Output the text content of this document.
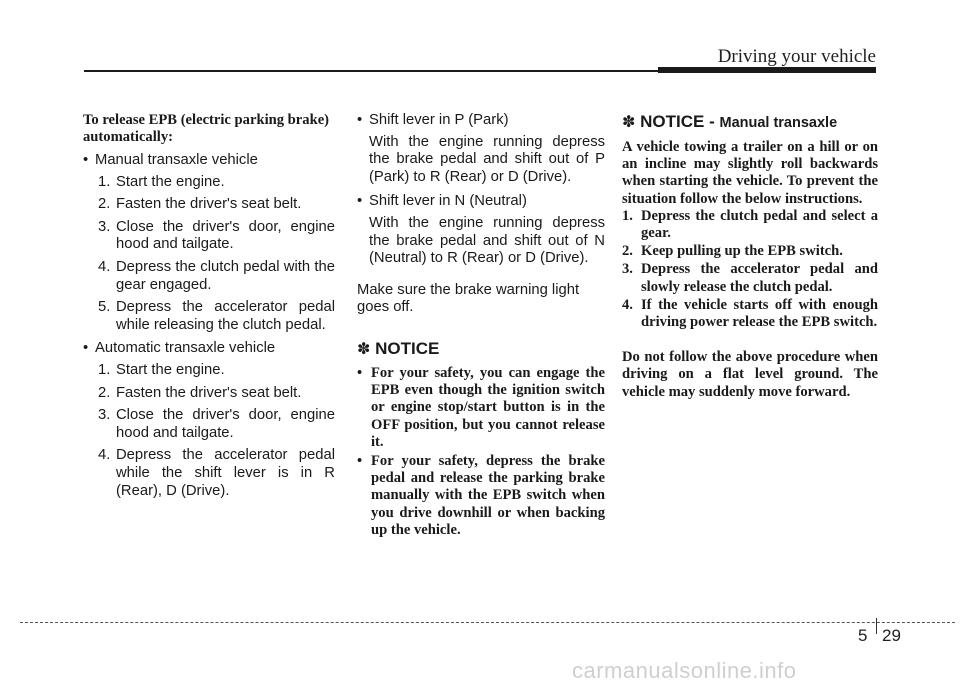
Driving your vehicle

To release EPB (electric parking brake) automatically:

• Manual transaxle vehicle
1. Start the engine.
2. Fasten the driver's seat belt.
3. Close the driver's door, engine hood and tailgate.
4. Depress the clutch pedal with the gear engaged.
5. Depress the accelerator pedal while releasing the clutch pedal.
• Automatic transaxle vehicle
1. Start the engine.
2. Fasten the driver's seat belt.
3. Close the driver's door, engine hood and tailgate.
4. Depress the accelerator pedal while the shift lever is in R (Rear), D (Drive).
• Shift lever in P (Park)

With the engine running depress the brake pedal and shift out of P (Park) to R (Rear) or D (Drive).

• Shift lever in N (Neutral)

With the engine running depress the brake pedal and shift out of N (Neutral) to R (Rear) or D (Drive).

Make sure the brake warning light goes off.

✽ NOTICE
• For your safety, you can engage the EPB even though the ignition switch or engine stop/start button is in the OFF position, but you cannot release it.
• For your safety, depress the brake pedal and release the parking brake manually with the EPB switch when you drive downhill or when backing up the vehicle.
✽ NOTICE - Manual transaxle

A vehicle towing a trailer on a hill or on an incline may slightly roll backwards when starting the vehicle. To prevent the situation follow the below instructions.

1. Depress the clutch pedal and select a gear.
2. Keep pulling up the EPB switch.
3. Depress the accelerator pedal and slowly release the clutch pedal.
4. If the vehicle starts off with enough driving power release the EPB switch.

Do not follow the above procedure when driving on a flat level ground. The vehicle may suddenly move forward.

5 29
carmanualsonline.info
